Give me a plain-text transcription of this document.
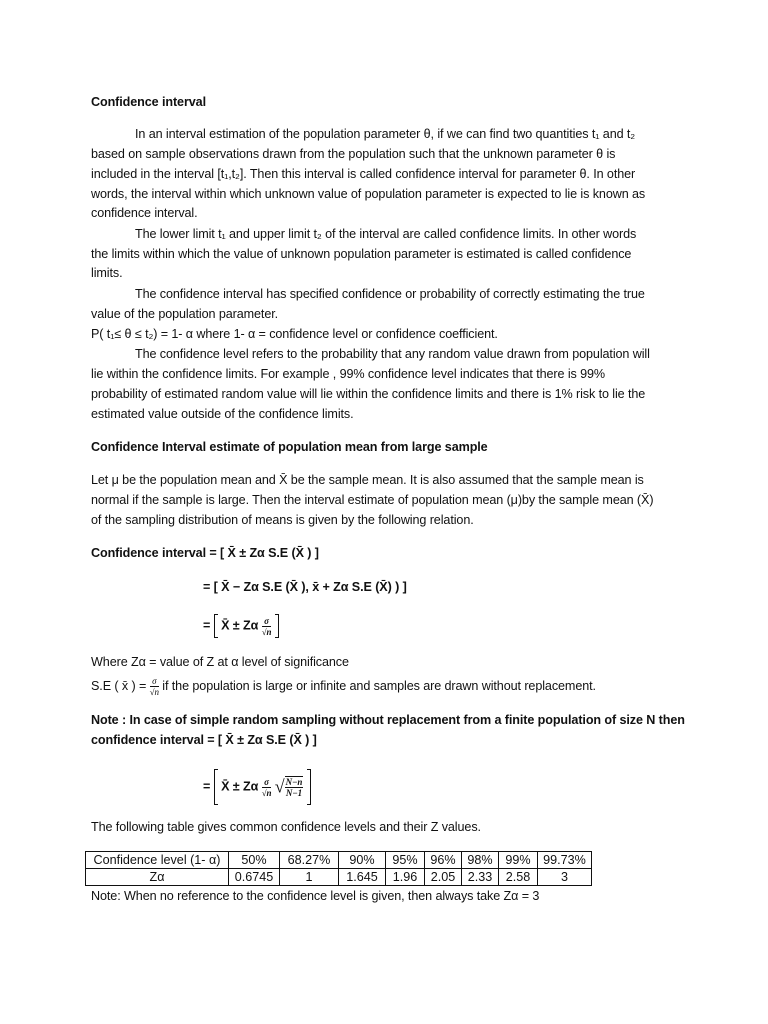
Confidence interval
In an interval estimation of the population parameter θ, if we can find two quantities t₁ and t₂
based on sample observations drawn from the population such that the unknown parameter θ is
included in the interval [t₁,t₂]. Then this interval is called confidence interval for parameter θ. In other
words, the interval within which unknown value of population parameter is expected to lie is known as
confidence interval.
The lower limit t₁ and upper limit t₂ of the interval are called confidence limits. In other words
the limits within which the value of unknown population parameter is estimated is called confidence
limits.
The confidence interval has specified confidence or probability of correctly estimating the true
value of the population parameter.
P( t₁≤ θ ≤ t₂) = 1- α where 1- α = confidence level or confidence coefficient.
The confidence level refers to the probability that any random value drawn from population will
lie within the confidence limits. For example , 99% confidence level indicates that there is 99%
probability of estimated random value will lie within the confidence limits and there is 1% risk to lie the
estimated value outside of the confidence limits.
Confidence Interval estimate of population mean from large sample
Let μ be the population mean and X̄ be the sample mean. It is also assumed that the sample mean is
normal if the sample is large. Then the interval estimate of population mean (μ)by the sample mean (X̄)
of the sampling distribution of means is given by the following relation.
Confidence interval = [ X̄ ± Zα S.E (X̄ ) ]
= [ X̄ − Zα S.E (X̄ ), x̄ + Zα S.E (X̄) ) ]
= X̄ ± Zα $\frac{\sigma}{√n}$

Where Zα = value of Z at α level of significance
S.E ( x̄ ) = $\frac{\sigma}{√n}$ if the population is large or infinite and samples are drawn without replacement.
Note : In case of simple random sampling without replacement from a finite population of size N then
confidence interval = [ X̄ ± Zα S.E (X̄ ) ]
= X̄ ± Zα $\frac{\sigma}{√n}$ √ $\frac{N-n}{N-1}$

The following table gives common confidence levels and their Z values.
Confidence level (1- α)	50%	68.27%	90%	95%	96%	98%	99%	99.73%
Zα	0.6745	1	1.645	1.96	2.05	2.33	2.58	3
Note: When no reference to the confidence level is given, then always take Zα = 3
